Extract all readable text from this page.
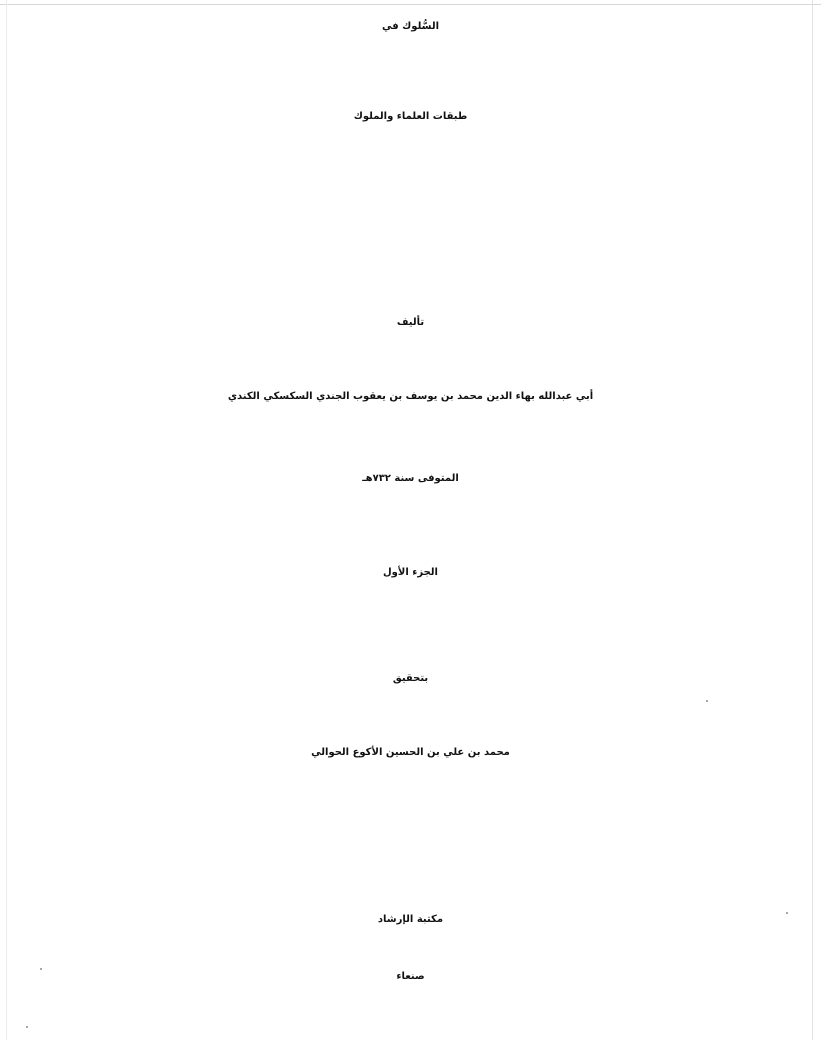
السُّلوك في
طبقات العلماء والملوك
تأليف
أبي عبدالله بهاء الدين محمد بن يوسف بن يعقوب الجندي السكسكي الكندي
المتوفى سنة ٧٣٢هـ
الجزء الأول
بتحقيق
محمد بن علي بن الحسين الأكوع الحوالي
مكتبة الإرشاد
صنعاء
